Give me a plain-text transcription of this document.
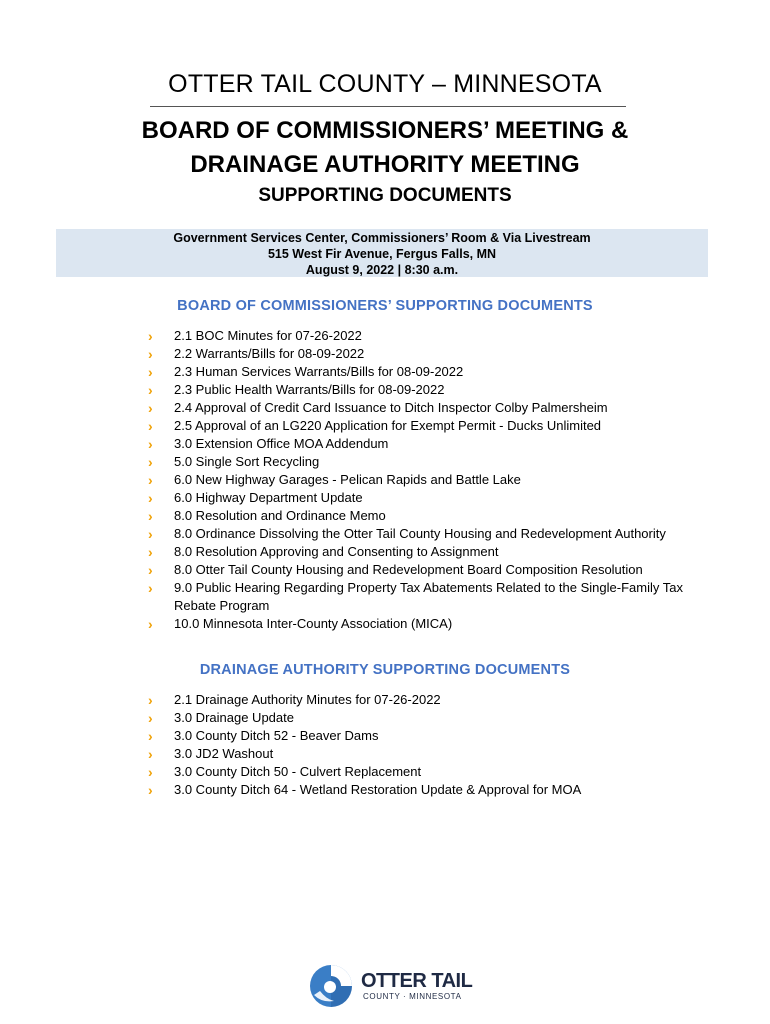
OTTER TAIL COUNTY – MINNESOTA
BOARD OF COMMISSIONERS’ MEETING &
DRAINAGE AUTHORITY MEETING
SUPPORTING DOCUMENTS
Government Services Center, Commissioners’ Room & Via Livestream
515 West Fir Avenue, Fergus Falls, MN
August 9, 2022 | 8:30 a.m.
BOARD OF COMMISSIONERS’ SUPPORTING DOCUMENTS
› 2.1 BOC Minutes for 07-26-2022
› 2.2 Warrants/Bills for 08-09-2022
› 2.3 Human Services Warrants/Bills for 08-09-2022
› 2.3 Public Health Warrants/Bills for 08-09-2022
› 2.4 Approval of Credit Card Issuance to Ditch Inspector Colby Palmersheim
› 2.5 Approval of an LG220 Application for Exempt Permit - Ducks Unlimited
› 3.0 Extension Office MOA Addendum
› 5.0 Single Sort Recycling
› 6.0 New Highway Garages - Pelican Rapids and Battle Lake
› 6.0 Highway Department Update
› 8.0 Resolution and Ordinance Memo
› 8.0 Ordinance Dissolving the Otter Tail County Housing and Redevelopment Authority
› 8.0 Resolution Approving and Consenting to Assignment
› 8.0 Otter Tail County Housing and Redevelopment Board Composition Resolution
› 9.0 Public Hearing Regarding Property Tax Abatements Related to the Single-Family Tax Rebate Program
› 10.0 Minnesota Inter-County Association (MICA)
DRAINAGE AUTHORITY SUPPORTING DOCUMENTS
› 2.1 Drainage Authority Minutes for 07-26-2022
› 3.0 Drainage Update
› 3.0 County Ditch 52 - Beaver Dams
› 3.0 JD2 Washout
› 3.0 County Ditch 50 - Culvert Replacement
› 3.0 County Ditch 64 - Wetland Restoration Update & Approval for MOA
OTTER TAIL
COUNTY · MINNESOTA
